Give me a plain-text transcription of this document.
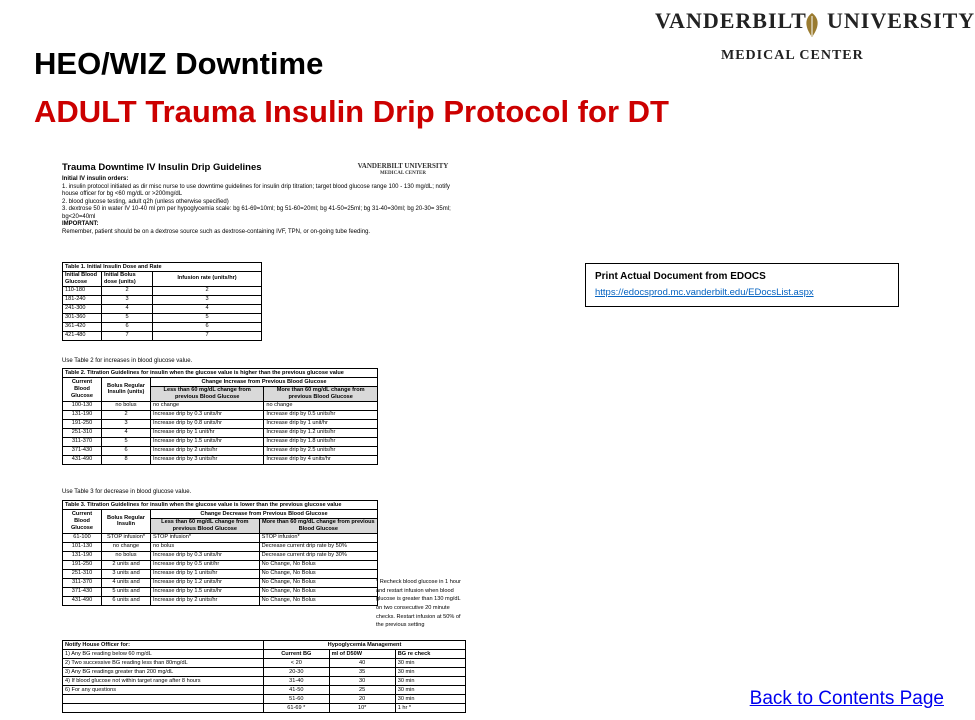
HEO/WIZ Downtime
ADULT Trauma Insulin Drip Protocol for DT
VANDERBILT UNIVERSITY
MEDICAL CENTER
Trauma Downtime IV Insulin Drip Guidelines	VANDERBILT UNIVERSITY
MEDICAL CENTER
Initial IV insulin orders:
1. insulin protocol initiated as dir misc nurse to use downtime guidelines for insulin drip titration; target blood glucose range 100 - 130 mg/dL; notify house officer for bg <60 mg/dL or >200mg/dL
2. blood glucose testing, adult q2h (unless otherwise specified)
3. dextrose 50 in water IV 10-40 ml prn per hypoglycemia scale: bg 61-69=10ml; bg 51-60=20ml; bg 41-50=25ml; bg 31-40=30ml; bg 20-30= 35ml; bg<20=40ml
IMPORTANT:
Remember, patient should be on a dextrose source such as dextrose-containing IVF, TPN, or on-going tube feeding.
Table 1. Initial Insulin Dose and Rate		
Initial Blood Glucose	Initial Bolus dose (units)	Infusion rate (units/hr)
110-180	2	2
181-240	3	3
241-300	4	4
301-360	5	5
361-420	6	6
421-480	7	7
Use Table 2 for increases in blood glucose value.
Table 2. Titration Guidelines for insulin when the glucose value is higher than the previous glucose value			
Current Blood Glucose	Bolus Regular Insulin (units)	Change Increase from Previous Blood Glucose	
		Less than 60 mg/dL change from previous Blood Glucose	More than 60 mg/dL change from previous Blood Glucose
100-130	no bolus	no change	no change
131-190	2	Increase drip by 0.3 units/hr	Increase drip by 0.5 units/hr
191-250	3	Increase drip by 0.8 units/hr	Increase drip by 1 unit/hr
251-310	4	Increase drip by 1 unit/hr	Increase drip by 1.2 units/hr
311-370	5	Increase drip by 1.5 units/hr	Increase drip by 1.8 units/hr
371-430	6	Increase drip by 2 units/hr	Increase drip by 2.5 units/hr
431-490	8	Increase drip by 3 units/hr	Increase drip by 4 units/hr
Use Table 3 for decrease in blood glucose value.
Table 3. Titration Guidelines for insulin when the glucose value is lower than the previous glucose value			
Current Blood Glucose	Bolus Regular Insulin	Change Decrease from Previous Blood Glucose	
		Less than 60 mg/dL change from previous Blood Glucose	More than 60 mg/dL change from previous Blood Glucose
61-100	STOP infusion*	STOP infusion*	STOP infusion*
101-130	no change	no bolus	Decrease current drip rate by 50%
131-190	no bolus	Increase drip by 0.3 units/hr	Decrease current drip rate by 30%
191-250	2 units and	Increase drip by 0.5 unit/hr	No Change, No Bolus
251-310	3 units and	Increase drip by 1 units/hr	No Change, No Bolus
311-370	4 units and	Increase drip by 1.2 units/hr	No Change, No Bolus
371-430	5 units and	Increase drip by 1.5 units/hr	No Change, No Bolus
431-490	6 units and	Increase drip by 2 units/hr	No Change, No Bolus
* Recheck blood glucose in 1 hour and restart infusion when blood glucose is greater than 130 mg/dL on two consecutive 20 minute checks. Restart infusion at 50% of the previous setting
Notify House Officer for:	Hypoglycemia Management		
1) Any BG reading below 60 mg/dL	Current BG	ml of D50W	BG re check
2) Two successive BG reading less than 80mg/dL	< 20	40	30 min
3) Any BG readings greater than 200 mg/dL	20-30	35	30 min
4) If blood glucose not within target range after 8 hours	31-40	30	30 min
6) For any questions	41-50	25	30 min
	51-60	20	30 min
	61-69 *	10*	1 hr *
Print Actual Document from EDOCS
https://edocsprod.mc.vanderbilt.edu/EDocsList.aspx
Back to Contents Page
